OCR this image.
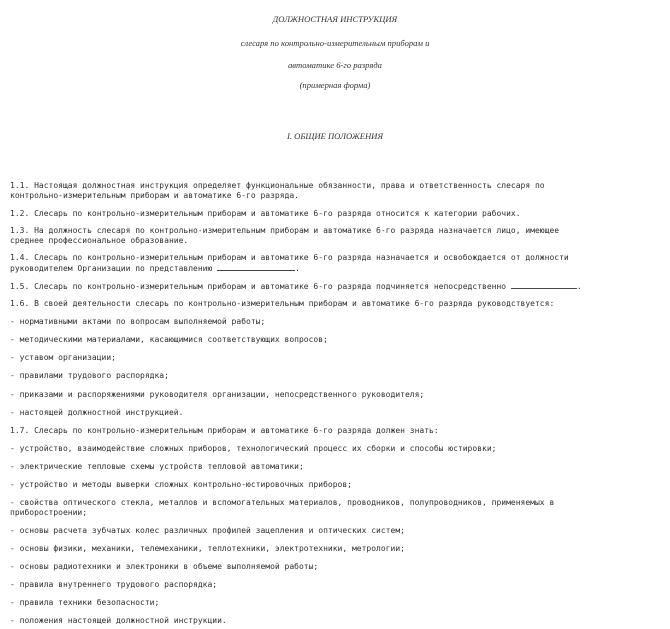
ДОЛЖНОСТНАЯ ИНСТРУКЦИЯ
слесаря по контрольно-измерительным приборам и
автоматике 6-го разряда
(примерная форма)
I. ОБЩИЕ ПОЛОЖЕНИЯ
1.1. Настоящая должностная инструкция определяет функциональные обязанности, права и ответственность слесаря по
контрольно-измерительным приборам и автоматике 6-го разряда.
1.2. Слесарь по контрольно-измерительным приборам и автоматике 6-го разряда относится к категории рабочих.
1.3. На должность слесаря по контрольно-измерительным приборам и автоматике 6-го разряда назначается лицо, имеющее
среднее профессиональное образование.
1.4. Слесарь по контрольно-измерительным приборам и автоматике 6-го разряда назначается и освобождается от должности
руководителем Организации по представлению	.
1.5. Слесарь по контрольно-измерительным приборам и автоматике 6-го разряда подчиняется непосредственно	.
1.6. В своей деятельности слесарь по контрольно-измерительным приборам и автоматике 6-го разряда руководствуется:
- нормативными актами по вопросам выполняемой работы;
- методическими материалами, касающимися соответствующих вопросов;
- уставом организации;
- правилами трудового распорядка;
- приказами и распоряжениями руководителя организации, непосредственного руководителя;
- настоящей должностной инструкцией.
1.7. Слесарь по контрольно-измерительным приборам и автоматике 6-го разряда должен знать:
- устройство, взаимодействие сложных приборов, технологический процесс их сборки и способы юстировки;
- электрические тепловые схемы устройств тепловой автоматики;
- устройство и методы выверки сложных контрольно-юстировочных приборов;
- свойства оптического стекла, металлов и вспомогательных материалов, проводников, полупроводников, применяемых в
приборостроении;
- основы расчета зубчатых колес различных профилей зацепления и оптических систем;
- основы физики, механики, телемеханики, теплотехники, электротехники, метрологии;
- основы радиотехники и электроники в объеме выполняемой работы;
- правила внутреннего трудового распорядка;
- правила техники безопасности;
- положения настоящей должностной инструкции.
